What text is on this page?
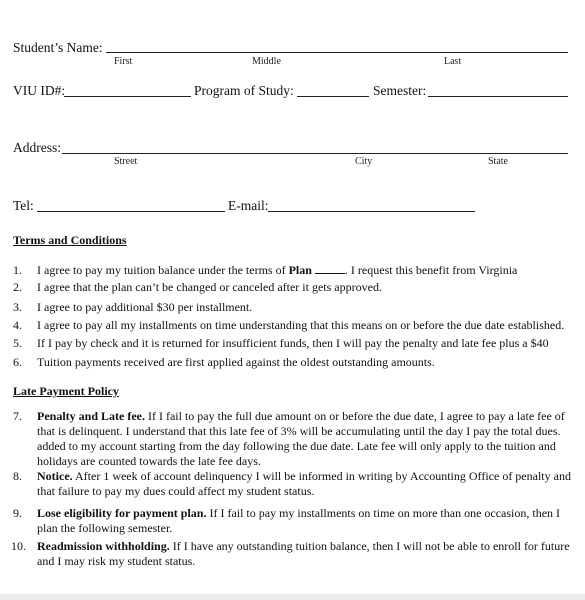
Student’s Name:
First	Middle	Last
VIU ID#:	Program of Study:	Semester:
Address:
Street	City	State
Tel:	E-mail:
Terms and Conditions
1. I agree to pay my tuition balance under the terms of Plan	. I request this benefit from Virginia
2. I agree that the plan can’t be changed or canceled after it gets approved.
3. I agree to pay additional $30 per installment.
4. I agree to pay all my installments on time understanding that this means on or before the due date established.
5. If I pay by check and it is returned for insufficient funds, then I will pay the penalty and late fee plus a $40
6. Tuition payments received are first applied against the oldest outstanding amounts.
Late Payment Policy
7. Penalty and Late fee. If I fail to pay the full due amount on or before the due date, I agree to pay a late fee of that is delinquent. I understand that this late fee of 3% will be accumulating until the day I pay the total dues. added to my account starting from the day following the due date. Late fee will only apply to the tuition and holidays are counted towards the late fee days.
8. Notice. After 1 week of account delinquency I will be informed in writing by Accounting Office of penalty and that failure to pay my dues could affect my student status.
9. Lose eligibility for payment plan. If I fail to pay my installments on time on more than one occasion, then I plan the following semester.
10. Readmission withholding. If I have any outstanding tuition balance, then I will not be able to enroll for future and I may risk my student status.
